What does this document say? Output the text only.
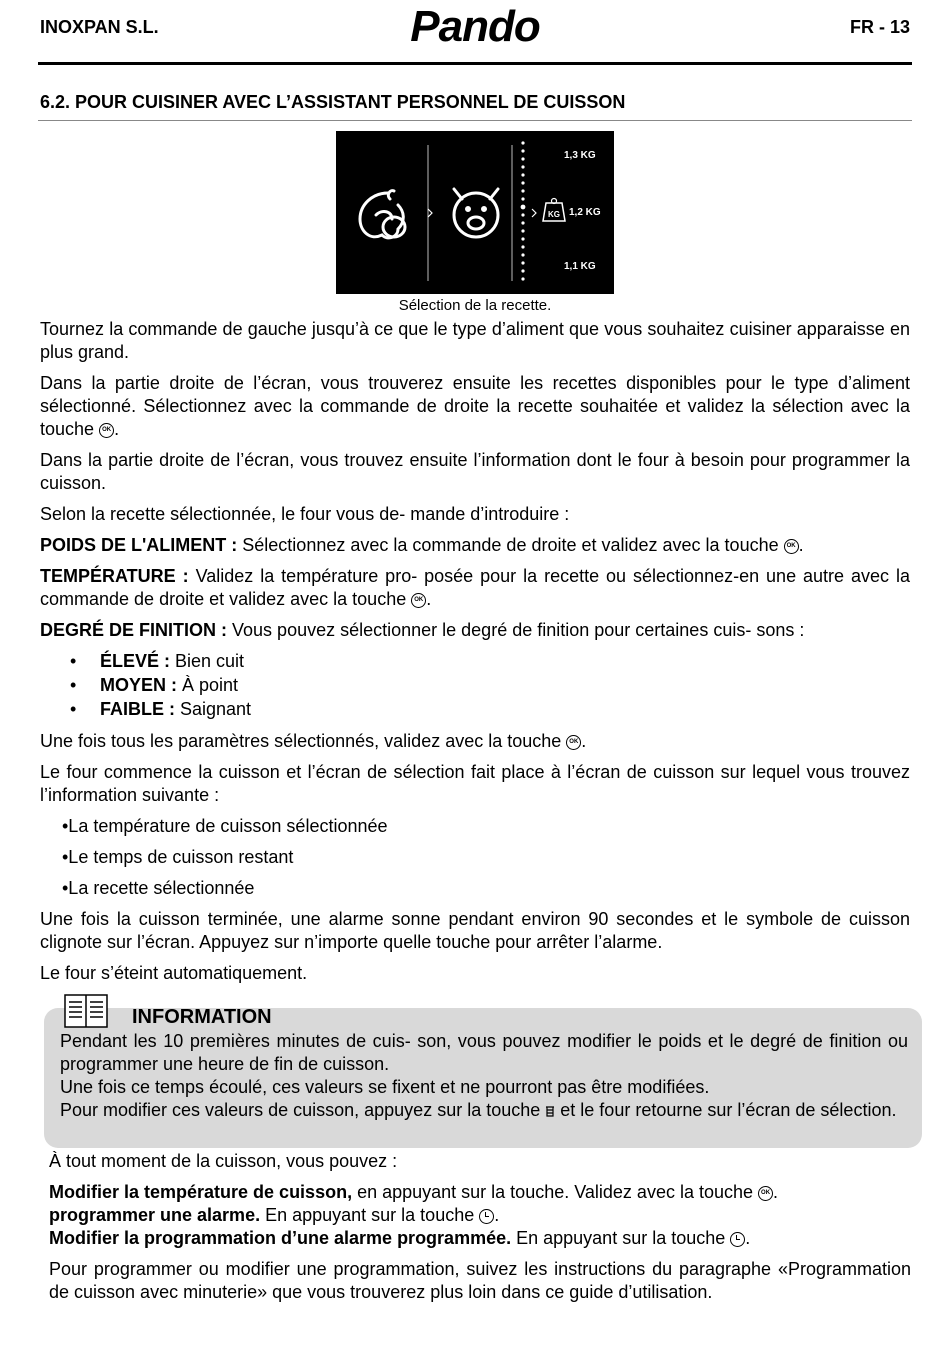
INOXPAN S.L.	Pando	FR - 13
6.2. POUR CUISINER AVEC L’ASSISTANT PERSONNEL DE CUISSON
KG
1,3 KG
1,2 KG
1,1 KG
Sélection de la recette.
Tournez la commande de gauche jusqu’à ce que le type d’aliment que vous souhaitez cuisiner apparaisse en plus grand.
Dans la partie droite de l’écran, vous trouverez ensuite les recettes disponibles pour le type d’aliment sélectionné. Sélectionnez avec la commande de droite la recette souhaitée et validez la sélection avec la touche OK .
Dans la partie droite de l’écran, vous trouvez ensuite l’information dont le four à besoin pour programmer la cuisson.
Selon la recette sélectionnée, le four vous de- mande d’introduire :
POIDS DE L'ALIMENT : Sélectionnez avec la commande de droite et validez avec la touche OK .
TEMPÉRATURE : Validez la température pro- posée pour la recette ou sélectionnez-en une autre avec la commande de droite et validez avec la touche OK .
DEGRÉ DE FINITION : Vous pouvez sélectionner le degré de finition pour certaines cuis- sons :
• ÉLEVÉ : Bien cuit
• MOYEN : À point
• FAIBLE : Saignant
Une fois tous les paramètres sélectionnés, validez avec la touche OK .
Le four commence la cuisson et l’écran de sélection fait place à l’écran de cuisson sur lequel vous trouvez l’information suivante :
•La température de cuisson sélectionnée
•Le temps de cuisson restant
•La recette sélectionnée
Une fois la cuisson terminée, une alarme sonne pendant environ 90 secondes et le symbole de cuisson clignote sur l’écran. Appuyez sur n’importe quelle touche pour arrêter l’alarme.
Le four s’éteint automatiquement.
INFORMATION
Pendant les 10 premières minutes de cuis- son, vous pouvez modifier le poids et le degré de finition ou programmer une heure de fin de cuisson.
Une fois ce temps écoulé, ces valeurs se fixent et ne pourront pas être modifiées.
Pour modifier ces valeurs de cuisson, appuyez sur la touche  et le four retourne sur l’écran de sélection.
À tout moment de la cuisson, vous pouvez :
Modifier la température de cuisson, en appuyant sur la touche. Validez avec la touche OK .
programmer une alarme. En appuyant sur la touche .
Modifier la programmation d’une alarme programmée. En appuyant sur la touche .
Pour programmer ou modifier une programmation, suivez les instructions du paragraphe «Programmation de cuisson avec minuterie» que vous trouverez plus loin dans ce guide d’utilisation.
